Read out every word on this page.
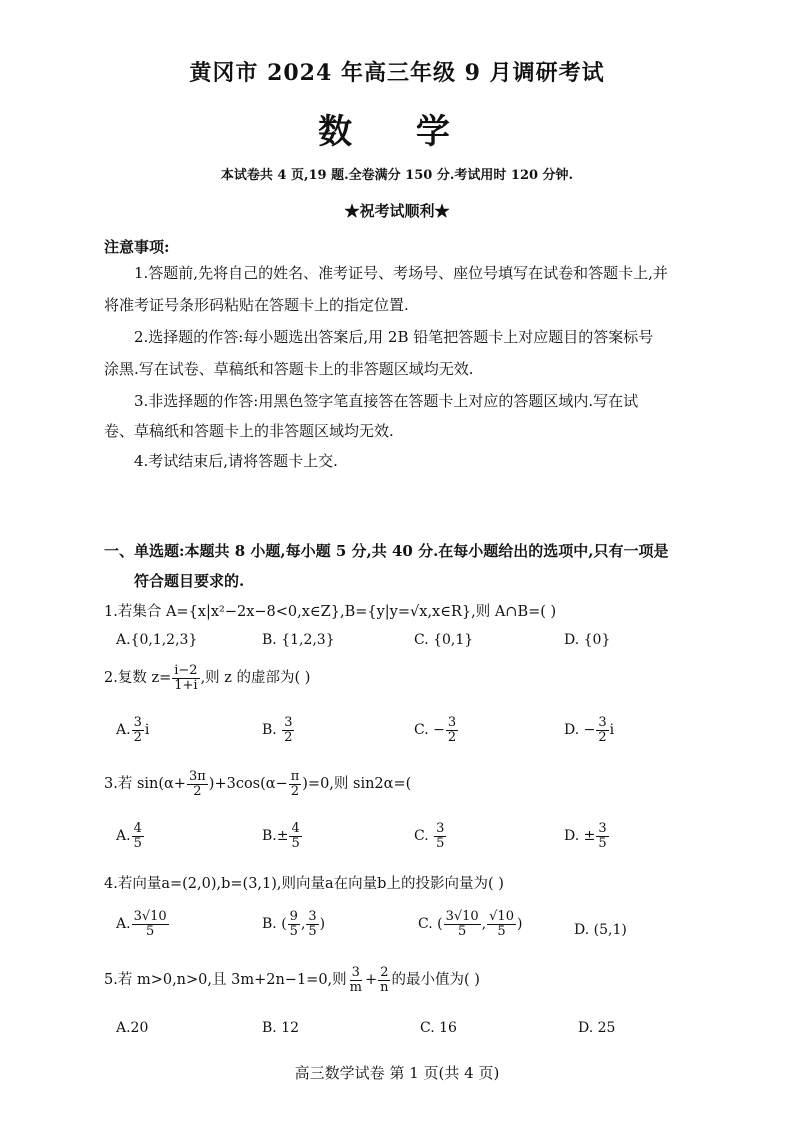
黄冈市 2024 年高三年级 9 月调研考试
数 学
本试卷共 4 页,19 题.全卷满分 150 分.考试用时 120 分钟.
★祝考试顺利★
注意事项:
1.答题前,先将自己的姓名、准考证号、考场号、座位号填写在试卷和答题卡上,并
将准考证号条形码粘贴在答题卡上的指定位置.
2.选择题的作答:每小题选出答案后,用 2B 铅笔把答题卡上对应题目的答案标号
涂黑.写在试卷、草稿纸和答题卡上的非答题区域均无效.
3.非选择题的作答:用黑色签字笔直接答在答题卡上对应的答题区域内.写在试
卷、草稿纸和答题卡上的非答题区域均无效.
4.考试结束后,请将答题卡上交.
一、单选题:本题共 8 小题,每小题 5 分,共 40 分.在每小题给出的选项中,只有一项是
符合题目要求的.
1.若集合 A={x|x²−2x−8<0,x∈Z},B={y|y=√x,x∈R},则 A∩B=( )
A.{0,1,2,3}	B. {1,2,3}	C. {0,1}	D. {0}
2.复数 $z= \frac{i-2}{1+i}$ ,则 z 的虚部为( )
A. $\frac{3}{2}$ i	B. $\frac{3}{2}$	C. − $\frac{3}{2}$	D. − $\frac{3}{2}$ i
3.若 $\sin(\alpha+ \frac{3\pi}{2} )+3\cos(\alpha- \frac{\pi}{2} )=0$,则 sin2α=(
A. $\frac{4}{5}$	$B.\pm \frac{4}{5}$	C. $\frac{3}{5}$	D. ± $\frac{3}{5}$
4.若向量a=(2,0),b=(3,1),则向量a在向量b上的投影向量为( )
A. $\frac{3√10}{5}$	B. ( $\frac{9}{5}$ , $\frac{3}{5}$ )	C. ( $\frac{3√10}{5}$ , $\frac{√10}{5}$ )	D. (5,1)
5.若 m>0,n>0,且 3m+2n−1=0,则 $\frac{3}{m} + \frac{2}{n}$ 的最小值为( )
A.20	B. 12	C. 16	D. 25
高三数学试卷 第 1 页(共 4 页)
